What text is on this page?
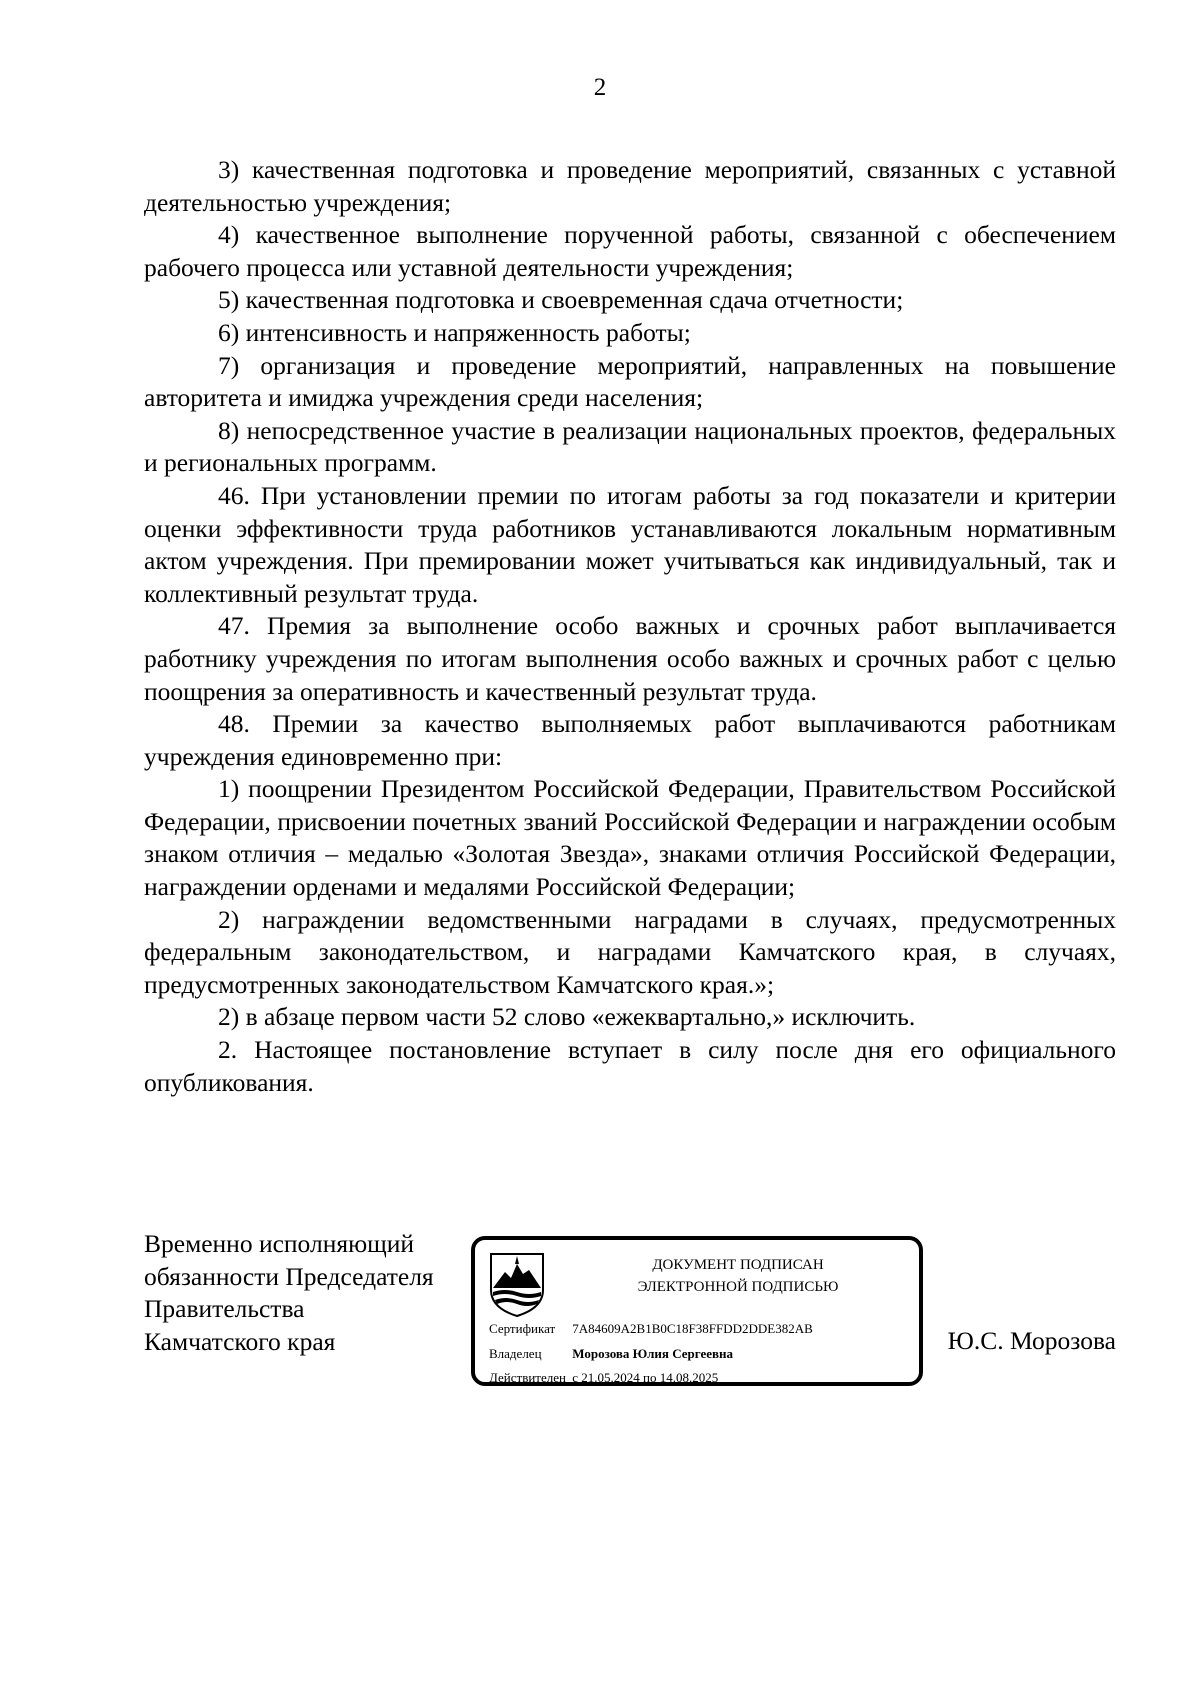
2

3) качественная подготовка и проведение мероприятий, связанных с уставной деятельностью учреждения;

4) качественное выполнение порученной работы, связанной с обеспечением рабочего процесса или уставной деятельности учреждения;

5) качественная подготовка и своевременная сдача отчетности;

6) интенсивность и напряженность работы;

7) организация и проведение мероприятий, направленных на повышение авторитета и имиджа учреждения среди населения;

8) непосредственное участие в реализации национальных проектов, федеральных и региональных программ.

46. При установлении премии по итогам работы за год показатели и критерии оценки эффективности труда работников устанавливаются локальным нормативным актом учреждения. При премировании может учитываться как индивидуальный, так и коллективный результат труда.

47. Премия за выполнение особо важных и срочных работ выплачивается работнику учреждения по итогам выполнения особо важных и срочных работ с целью поощрения за оперативность и качественный результат труда.

48. Премии за качество выполняемых работ выплачиваются работникам учреждения единовременно при:

1) поощрении Президентом Российской Федерации, Правительством Российской Федерации, присвоении почетных званий Российской Федерации и награждении особым знаком отличия – медалью «Золотая Звезда», знаками отличия Российской Федерации, награждении орденами и медалями Российской Федерации;

2) награждении ведомственными наградами в случаях, предусмотренных федеральным законодательством, и наградами Камчатского края, в случаях, предусмотренных законодательством Камчатского края.»;

2) в абзаце первом части 52 слово «ежеквартально,» исключить.

2. Настоящее постановление вступает в силу после дня его официального опубликования.

Временно исполняющий
обязанности Председателя
Правительства
Камчатского края
ДОКУМЕНТ ПОДПИСАН
ЭЛЕКТРОННОЙ ПОДПИСЬЮ
Сертификат 7A84609A2B1B0C18F38FFDD2DDE382AB
Владелец Морозова Юлия Сергеевна
Действителен с 21.05.2024 по 14.08.2025
Ю.С. Морозова
